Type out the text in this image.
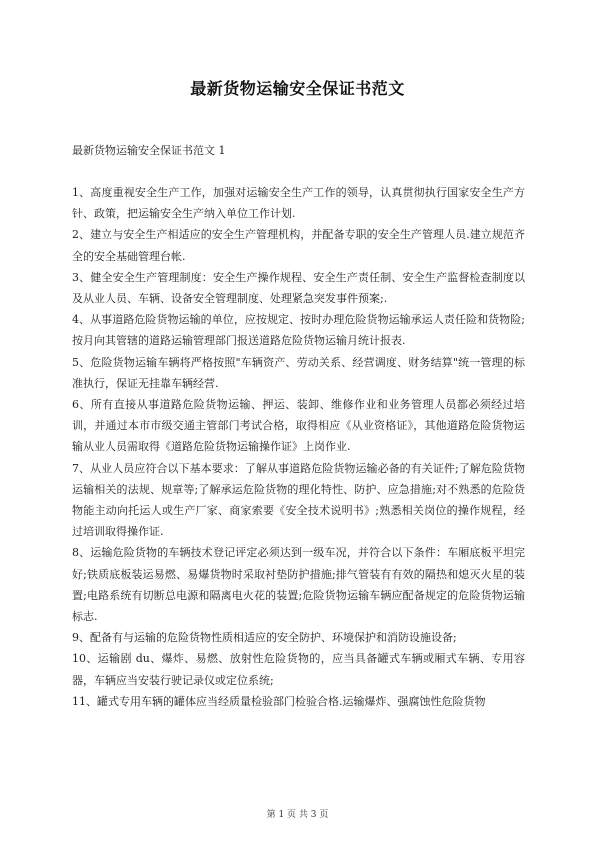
最新货物运输安全保证书范文
最新货物运输安全保证书范文 1

1、高度重视安全生产工作，加强对运输安全生产工作的领导，认真贯彻执行国家安全生产方针、政策，把运输安全生产纳入单位工作计划.

2、建立与安全生产相适应的安全生产管理机构，并配备专职的安全生产管理人员.建立规范齐全的安全基础管理台帐.

3、健全安全生产管理制度：安全生产操作规程、安全生产责任制、安全生产监督检查制度以及从业人员、车辆、设备安全管理制度、处理紧急突发事件预案;.

4、从事道路危险货物运输的单位，应按规定、按时办理危险货物运输承运人责任险和货物险;按月向其管辖的道路运输管理部门报送道路危险货物运输月统计报表.

5、危险货物运输车辆将严格按照"车辆资产、劳动关系、经营调度、财务结算"统一管理的标准执行，保证无挂靠车辆经营.

6、所有直接从事道路危险货物运输、押运、装卸、维修作业和业务管理人员都必须经过培训，并通过本市市级交通主管部门考试合格，取得相应《从业资格证》，其他道路危险货物运输从业人员需取得《道路危险货物运输操作证》上岗作业.

7、从业人员应符合以下基本要求：了解从事道路危险货物运输必备的有关证件;了解危险货物运输相关的法规、规章等;了解承运危险货物的理化特性、防护、应急措施;对不熟悉的危险货物能主动向托运人或生产厂家、商家索要《安全技术说明书》;熟悉相关岗位的操作规程，经过培训取得操作证.

8、运输危险货物的车辆技术登记评定必须达到一级车况，并符合以下条件：车厢底板平坦完好;铁质底板装运易燃、易爆货物时采取衬垫防护措施;排气管装有有效的隔热和熄灭火星的装置;电路系统有切断总电源和隔离电火花的装置;危险货物运输车辆应配备规定的危险货物运输标志.

9、配备有与运输的危险货物性质相适应的安全防护、环境保护和消防设施设备;

10、运输剧 du、爆炸、易燃、放射性危险货物的，应当具备罐式车辆或厢式车辆、专用容器，车辆应当安装行驶记录仪或定位系统;

11、罐式专用车辆的罐体应当经质量检验部门检验合格.运输爆炸、强腐蚀性危险货物

第 1 页 共 3 页
